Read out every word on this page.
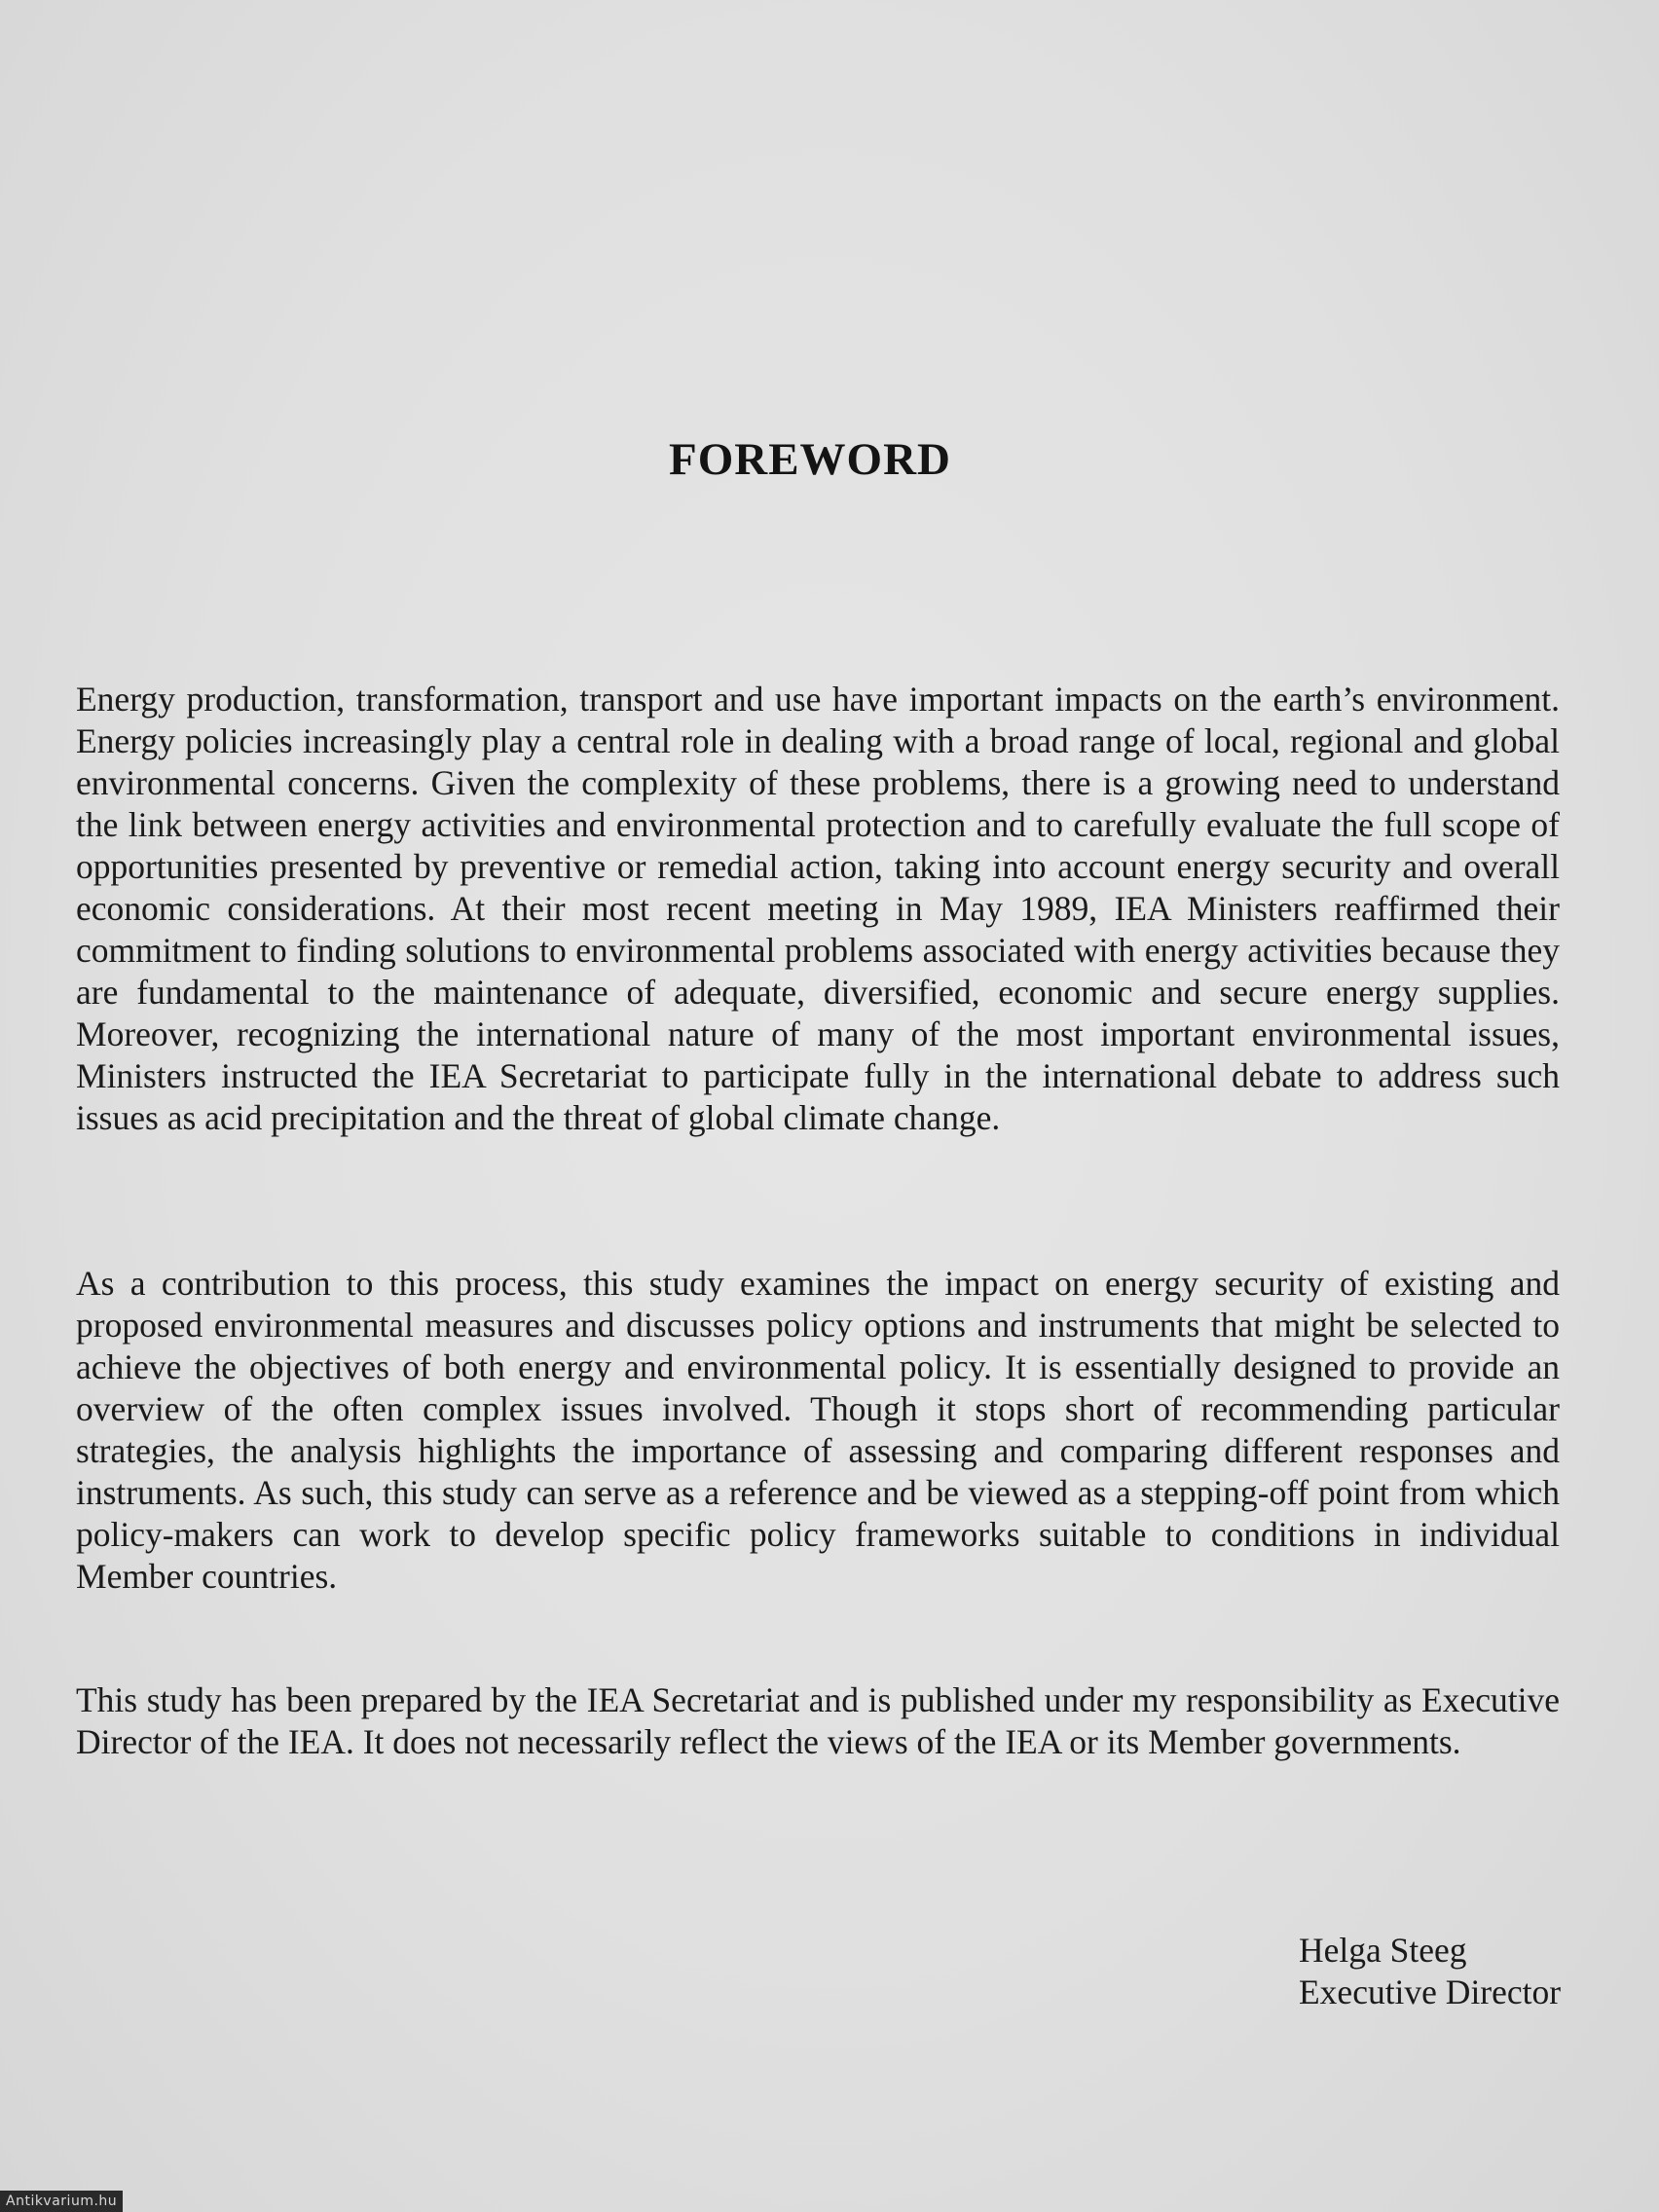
FOREWORD

Energy production, transformation, transport and use have important impacts on the earth’s environment. Energy policies increasingly play a central role in dealing with a broad range of local, regional and global environmental concerns. Given the complexity of these problems, there is a growing need to understand the link between energy activities and environmental protection and to carefully evaluate the full scope of opportunities presented by preventive or remedial action, taking into account energy security and overall economic considerations. At their most recent meeting in May 1989, IEA Ministers reaffirmed their commitment to finding solutions to environmental problems associated with energy activities because they are fundamental to the maintenance of adequate, diversified, economic and secure energy supplies. Moreover, recognizing the international nature of many of the most important environmental issues, Ministers instructed the IEA Secretariat to participate fully in the international debate to address such issues as acid precipitation and the threat of global climate change.

As a contribution to this process, this study examines the impact on energy security of existing and proposed environmental measures and discusses policy options and instruments that might be selected to achieve the objectives of both energy and environmental policy. It is essentially designed to provide an overview of the often complex issues involved. Though it stops short of recommending particular strategies, the analysis highlights the importance of assessing and comparing different responses and instruments. As such, this study can serve as a reference and be viewed as a stepping-off point from which policy-makers can work to develop specific policy frameworks suitable to conditions in individual Member countries.

This study has been prepared by the IEA Secretariat and is published under my responsibility as Executive Director of the IEA. It does not necessarily reflect the views of the IEA or its Member governments.

Helga Steeg
Executive Director
Antikvarium.hu
